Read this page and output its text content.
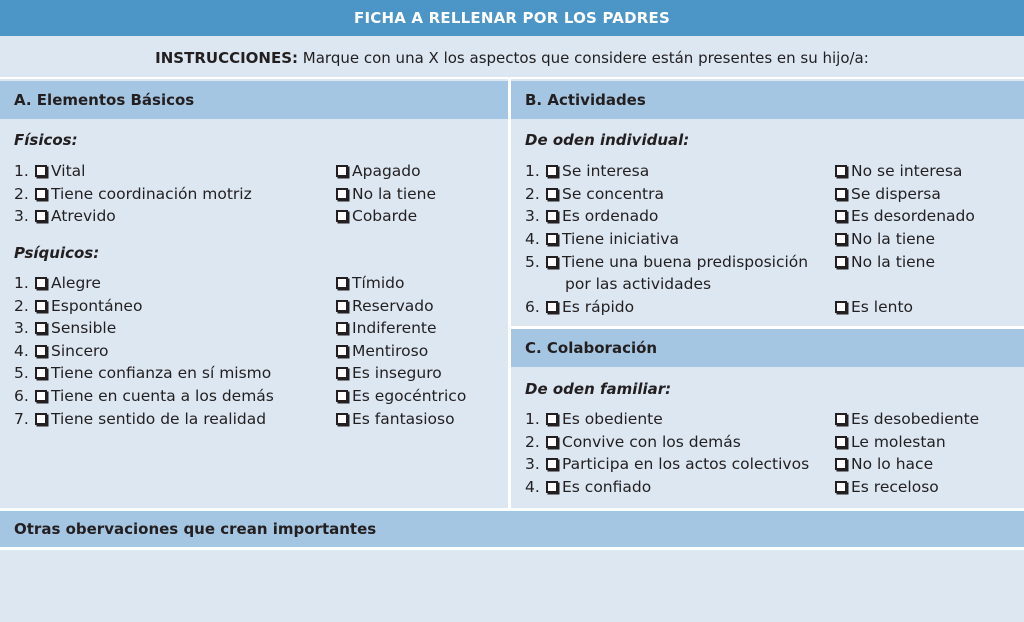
FICHA A RELLENAR POR LOS PADRES
INSTRUCCIONES: Marque con una X los aspectos que considere están presentes en su hijo/a:
A. Elementos Básicos
Físicos:
1. Vital	Apagado
2. Tiene coordinación motriz	No la tiene
3. Atrevido	Cobarde
Psíquicos:
1. Alegre	Tímido
2. Espontáneo	Reservado
3. Sensible	Indiferente
4. Sincero	Mentiroso
5. Tiene confianza en sí mismo	Es inseguro
6. Tiene en cuenta a los demás	Es egocéntrico
7. Tiene sentido de la realidad	Es fantasioso
B. Actividades
De oden individual:
1. Se interesa	No se interesa
2. Se concentra	Se dispersa
3. Es ordenado	Es desordenado
4. Tiene iniciativa	No la tiene
5. Tiene una buena predisposición	No la tiene
por las actividades
6. Es rápido	Es lento
C. Colaboración
De oden familiar:
1. Es obediente	Es desobediente
2. Convive con los demás	Le molestan
3. Participa en los actos colectivos	No lo hace
4. Es confiado	Es receloso
Otras obervaciones que crean importantes
